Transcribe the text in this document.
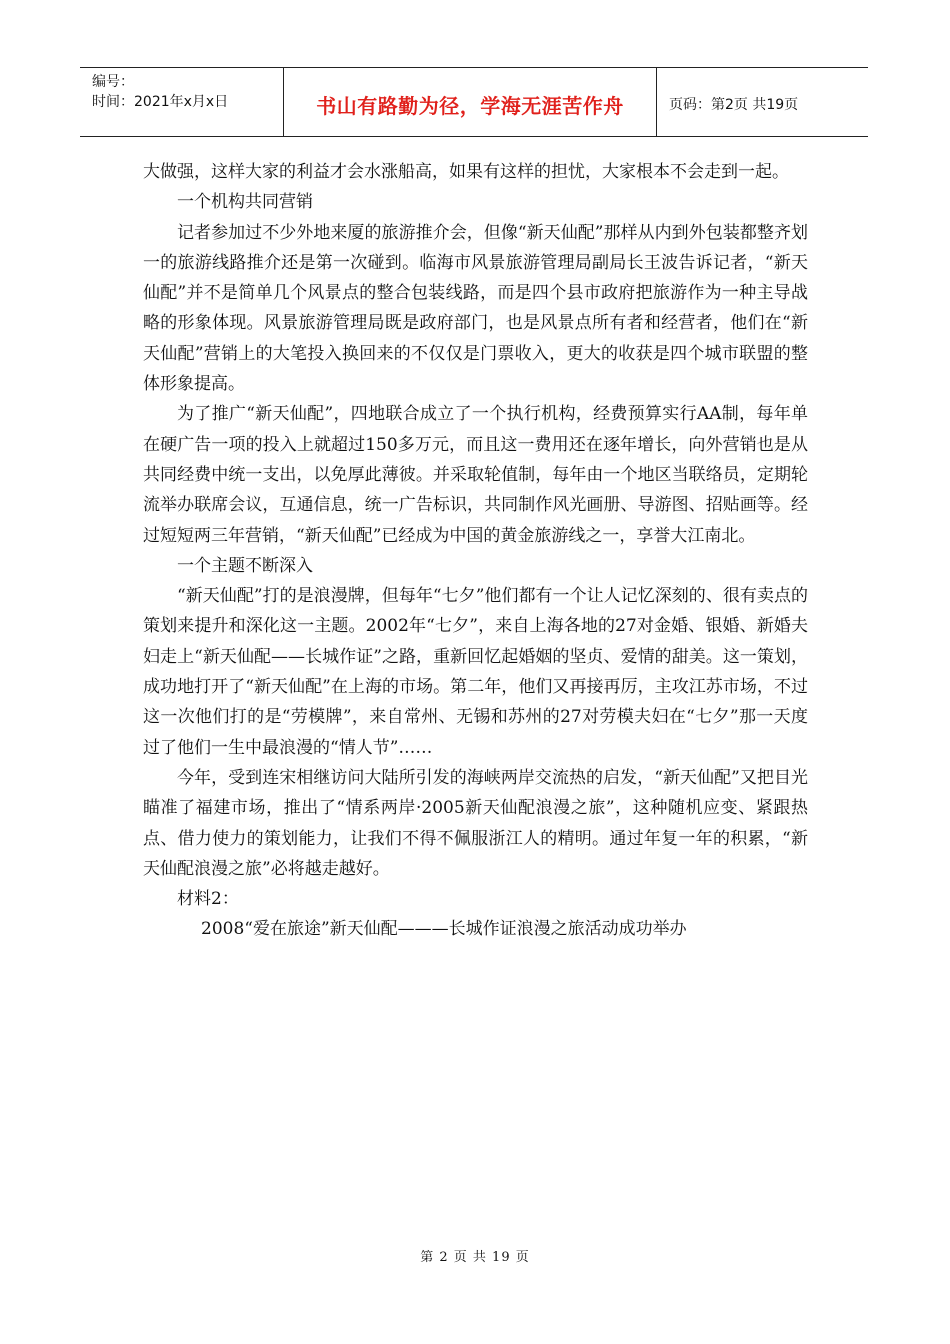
编号：
时间：2021年x月x日	书山有路勤为径，学海无涯苦作舟	页码：第2页 共19页

大做强，这样大家的利益才会水涨船高，如果有这样的担忧，大家根本不会走到一起。

一个机构共同营销

记者参加过不少外地来厦的旅游推介会，但像“新天仙配”那样从内到外包装都整齐划一的旅游线路推介还是第一次碰到。临海市风景旅游管理局副局长王波告诉记者，“新天仙配”并不是简单几个风景点的整合包装线路，而是四个县市政府把旅游作为一种主导战略的形象体现。风景旅游管理局既是政府部门，也是风景点所有者和经营者，他们在“新天仙配”营销上的大笔投入换回来的不仅仅是门票收入，更大的收获是四个城市联盟的整体形象提高。

为了推广“新天仙配”，四地联合成立了一个执行机构，经费预算实行AA制，每年单在硬广告一项的投入上就超过150多万元，而且这一费用还在逐年增长，向外营销也是从共同经费中统一支出，以免厚此薄彼。并采取轮值制，每年由一个地区当联络员，定期轮流举办联席会议，互通信息，统一广告标识，共同制作风光画册、导游图、招贴画等。经过短短两三年营销，“新天仙配”已经成为中国的黄金旅游线之一，享誉大江南北。

一个主题不断深入

“新天仙配”打的是浪漫牌，但每年“七夕”他们都有一个让人记忆深刻的、很有卖点的策划来提升和深化这一主题。2002年“七夕”，来自上海各地的27对金婚、银婚、新婚夫妇走上“新天仙配——长城作证”之路，重新回忆起婚姻的坚贞、爱情的甜美。这一策划，成功地打开了“新天仙配”在上海的市场。第二年，他们又再接再厉，主攻江苏市场，不过这一次他们打的是“劳模牌”，来自常州、无锡和苏州的27对劳模夫妇在“七夕”那一天度过了他们一生中最浪漫的“情人节”……

今年，受到连宋相继访问大陆所引发的海峡两岸交流热的启发，“新天仙配”又把目光瞄准了福建市场，推出了“情系两岸·2005新天仙配浪漫之旅”，这种随机应变、紧跟热点、借力使力的策划能力，让我们不得不佩服浙江人的精明。通过年复一年的积累，“新天仙配浪漫之旅”必将越走越好。

材料2：

2008“爱在旅途”新天仙配———长城作证浪漫之旅活动成功举办

第 2 页 共 19 页
